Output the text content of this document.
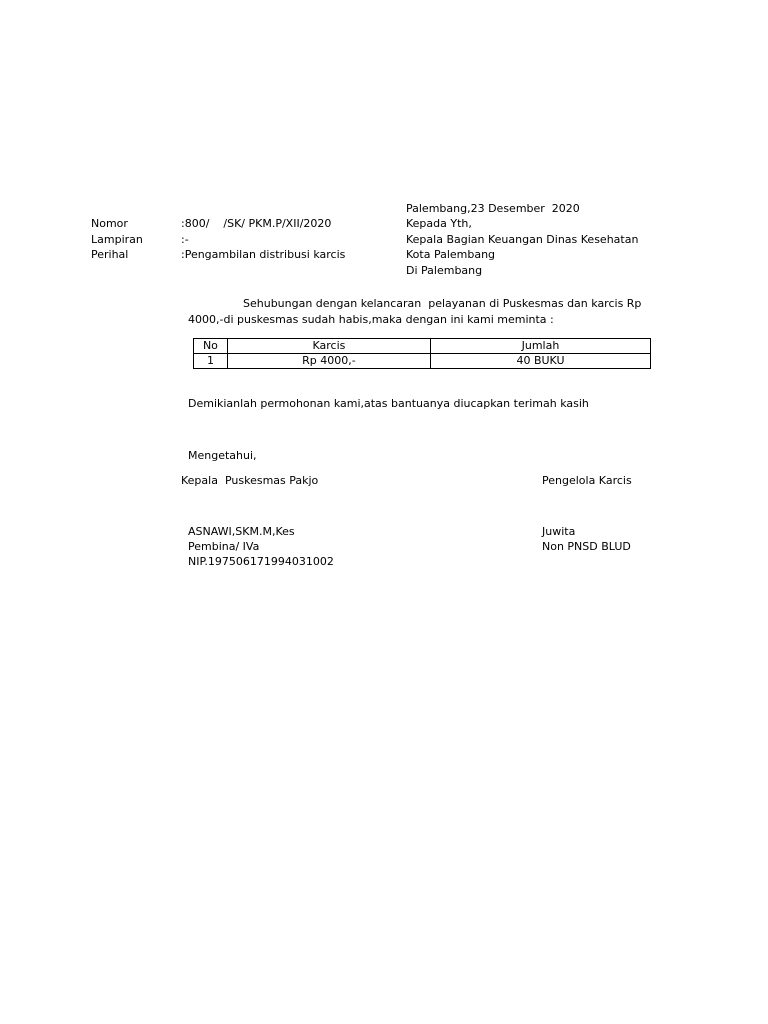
Palembang,23 Desember  2020
Nomor	:800/    /SK/ PKM.P/XII/2020
Lampiran	:-
Perihal	:Pengambilan distribusi karcis
Kepada Yth,
Kepala Bagian Keuangan Dinas Kesehatan
Kota Palembang
Di Palembang
Sehubungan dengan kelancaran  pelayanan di Puskesmas dan karcis Rp
4000,-di puskesmas sudah habis,maka dengan ini kami meminta :
No	Karcis	Jumlah
1	Rp 4000,-	40 BUKU
Demikianlah permohonan kami,atas bantuanya diucapkan terimah kasih
Mengetahui,
Kepala  Puskesmas Pakjo	Pengelola Karcis
ASNAWI,SKM.M,Kes
Pembina/ IVa
NIP.197506171994031002
Juwita
Non PNSD BLUD
